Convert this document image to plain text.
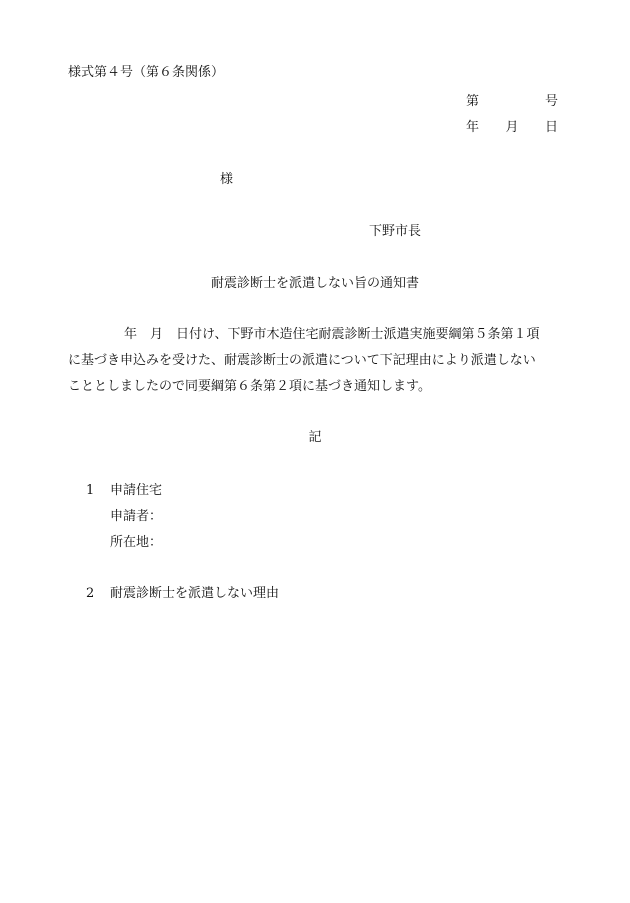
様式第４号（第６条関係）
第	号
年 月 日
様
下野市長
耐震診断士を派遣しない旨の通知書
年 月 日付け、下野市木造住宅耐震診断士派遣実施要綱第５条第１項
に基づき申込みを受けた、耐震診断士の派遣について下記理由により派遣しない
こととしましたので同要綱第６条第２項に基づき通知します。
記
1 申請住宅
申請者：
所在地：
2 耐震診断士を派遣しない理由
